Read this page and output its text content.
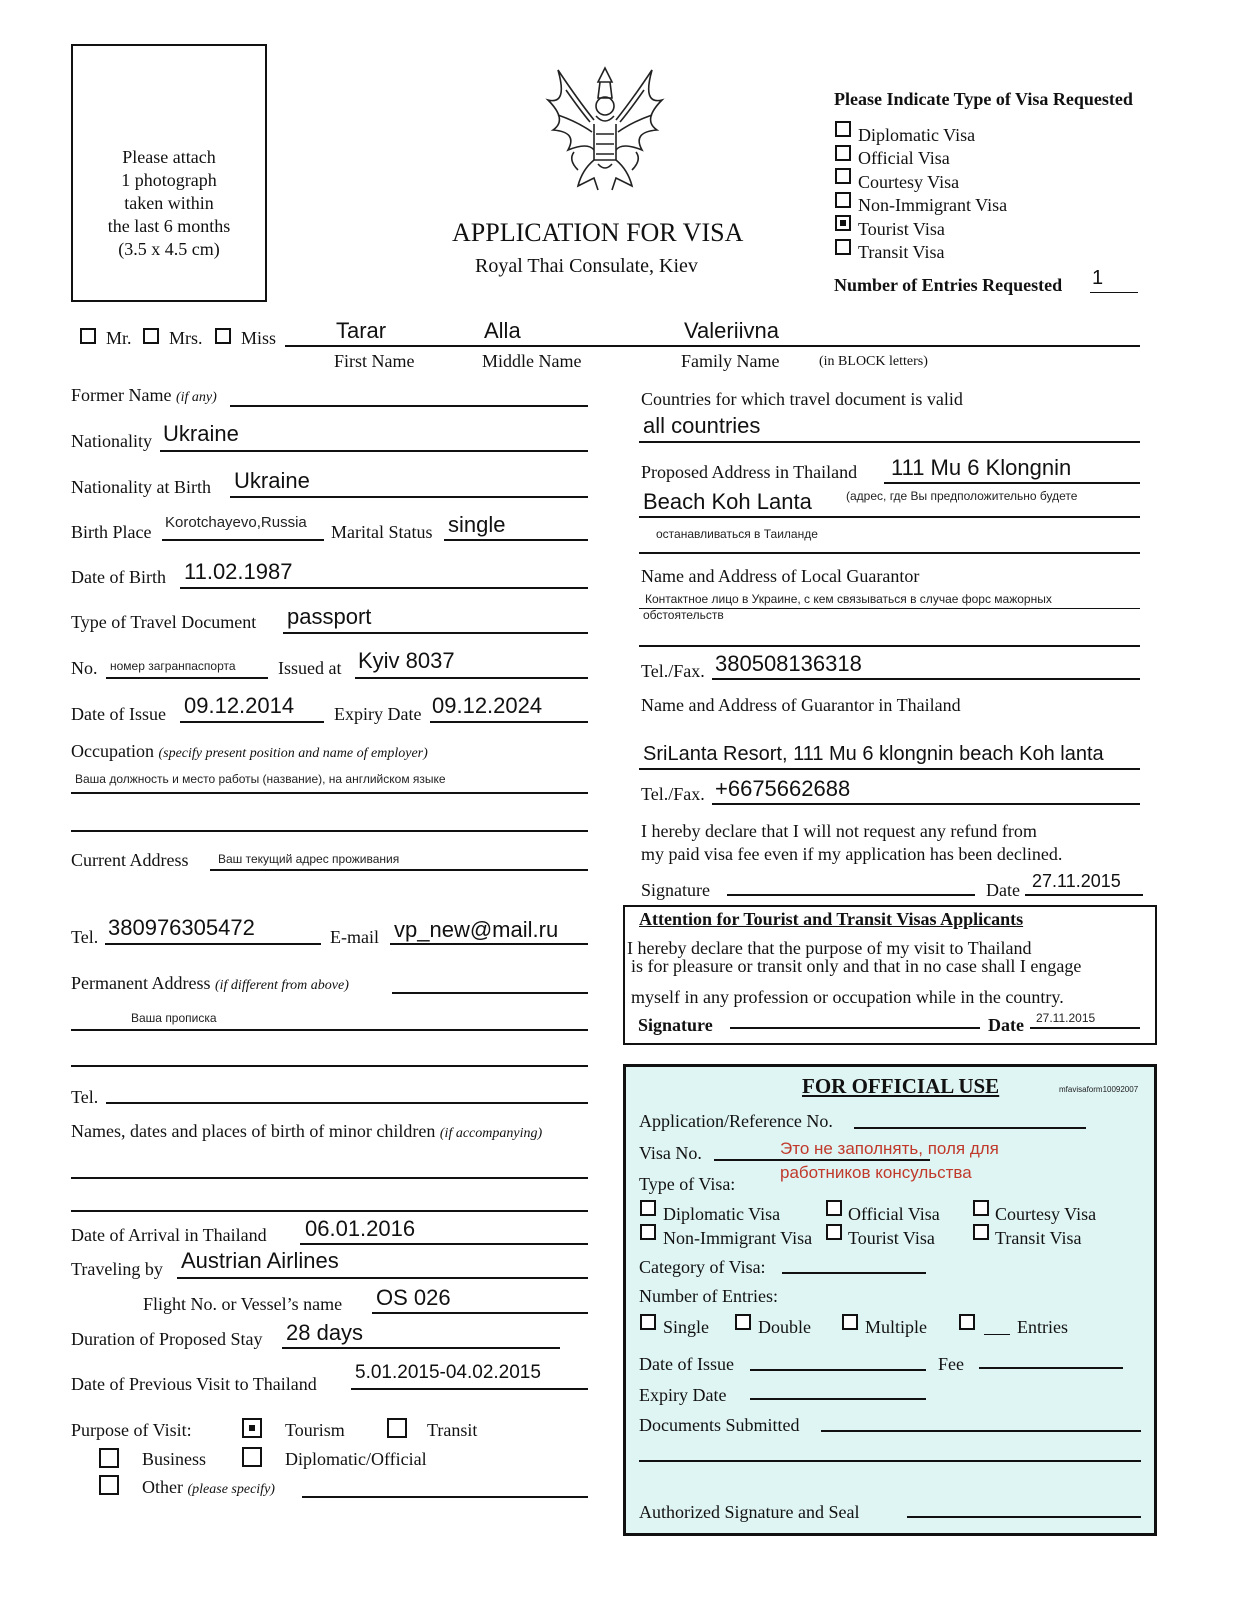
Please attach
1 photograph
taken within
the last 6 months
(3.5 x 4.5 cm)
APPLICATION FOR VISA
Royal Thai Consulate, Kiev
Please Indicate Type of Visa Requested
Diplomatic Visa
Official Visa
Courtesy Visa
Non-Immigrant Visa
Tourist Visa
Transit Visa
Number of Entries Requested 1
Mr. Mrs. Miss	Tarar	Alla	Valeriivna
First Name	Middle Name	Family Name	(in BLOCK letters)
Former Name (if any)
Nationality Ukraine
Nationality at Birth Ukraine
Birth Place Korotchayevo,Russia Marital Status single
Date of Birth 11.02.1987
Type of Travel Document passport
No. номер загранпаспорта Issued at Kyiv 8037
Date of Issue 09.12.2014 Expiry Date 09.12.2024
Occupation (specify present position and name of employer)
Ваша должность и место работы (название), на английском языке
Current Address Ваш текущий адрес проживания
Tel. 380976305472	E-mail vp_new@mail.ru
Permanent Address (if different from above)
Ваша прописка
Tel.
Names, dates and places of birth of minor children (if accompanying)
Date of Arrival in Thailand 06.01.2016
Traveling by Austrian Airlines
Flight No. or Vessel’s name OS 026
Duration of Proposed Stay 28 days
Date of Previous Visit to Thailand
5.01.2015-04.02.2015
Purpose of Visit:	Tourism	Transit
Business	Diplomatic/Official
Other (please specify)
Countries for which travel document is valid
all countries
Proposed Address in Thailand 111 Mu 6 Klongnin
Beach Koh Lanta	(адрес, где Вы предположительно будете
останавливаться в Таиланде
Name and Address of Local Guarantor
Контактное лицо в Украине, с кем связываться в случае форс мажорных
обстоятельств
Tel./Fax. 380508136318
Name and Address of Guarantor in Thailand
SriLanta Resort, 111 Mu 6 klongnin beach Koh lanta
Tel./Fax. +6675662688
I hereby declare that I will not request any refund from
my paid visa fee even if my application has been declined.
Signature	Date 27.11.2015
Attention for Tourist and Transit Visas Applicants
I hereby declare that the purpose of my visit to Thailand
is for pleasure or transit only and that in no case shall I engage
myself in any profession or occupation while in the country.
Signature	Date 27.11.2015
FOR OFFICIAL USE	mfavisaform10092007
Application/Reference No.
Visa No.	Это не заполнять, поля для
работников консульства
Type of Visa:
Diplomatic Visa	Official Visa	Courtesy Visa
Non-Immigrant Visa Tourist Visa	Transit Visa
Category of Visa:
Number of Entries:
Single	Double	Multiple	Entries
Date of Issue	Fee
Expiry Date
Documents Submitted
Authorized Signature and Seal
